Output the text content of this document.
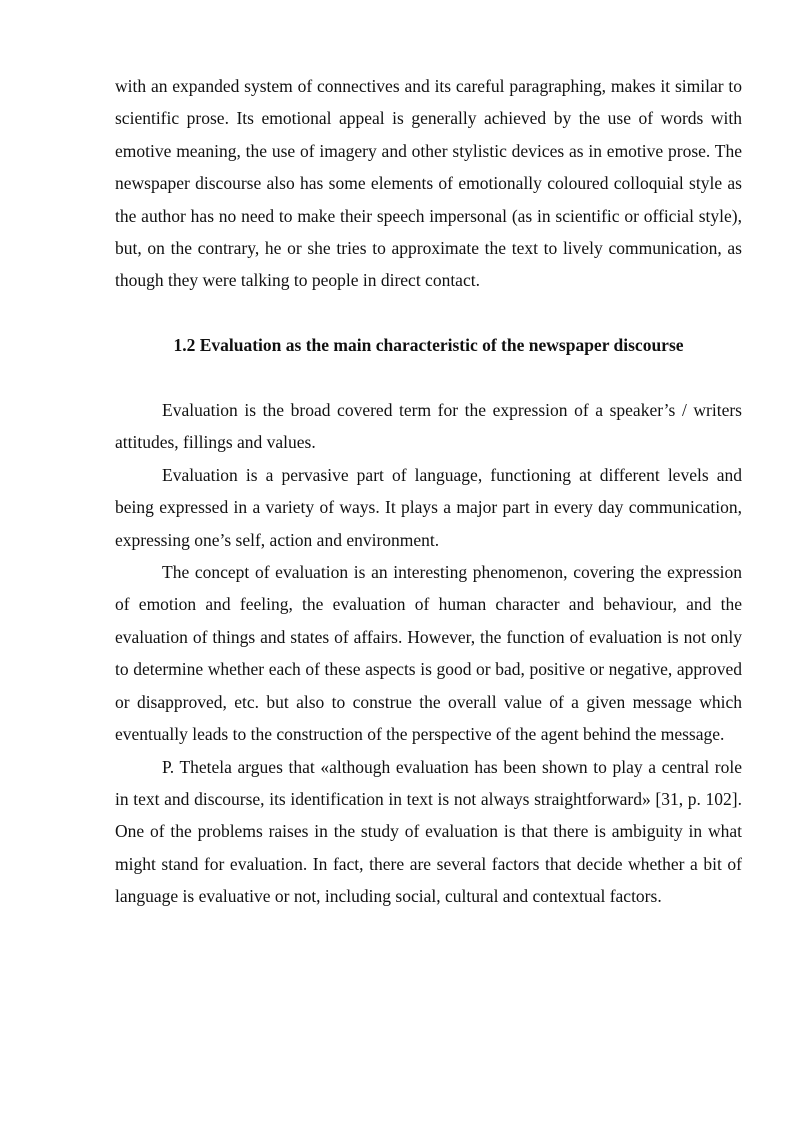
with an expanded system of connectives and its careful paragraphing, makes it similar to scientific prose. Its emotional appeal is generally achieved by the use of words with emotive meaning, the use of imagery and other stylistic devices as in emotive prose. The newspaper discourse also has some elements of emotionally coloured colloquial style as the author has no need to make their speech impersonal (as in scientific or official style), but, on the contrary, he or she tries to approximate the text to lively communication, as though they were talking to people in direct contact.

1.2 Evaluation as the main characteristic of the newspaper discourse

Evaluation is the broad covered term for the expression of a speaker’s / writers attitudes, fillings and values.

Evaluation is a pervasive part of language, functioning at different levels and being expressed in a variety of ways. It plays a major part in every day communication, expressing one’s self, action and environment.

The concept of evaluation is an interesting phenomenon, covering the expression of emotion and feeling, the evaluation of human character and behaviour, and the evaluation of things and states of affairs. However, the function of evaluation is not only to determine whether each of these aspects is good or bad, positive or negative, approved or disapproved, etc. but also to construe the overall value of a given message which eventually leads to the construction of the perspective of the agent behind the message.

P. Thetela argues that «although evaluation has been shown to play a central role in text and discourse, its identification in text is not always straightforward» [31, p. 102]. One of the problems raises in the study of evaluation is that there is ambiguity in what might stand for evaluation. In fact, there are several factors that decide whether a bit of language is evaluative or not, including social, cultural and contextual factors.
